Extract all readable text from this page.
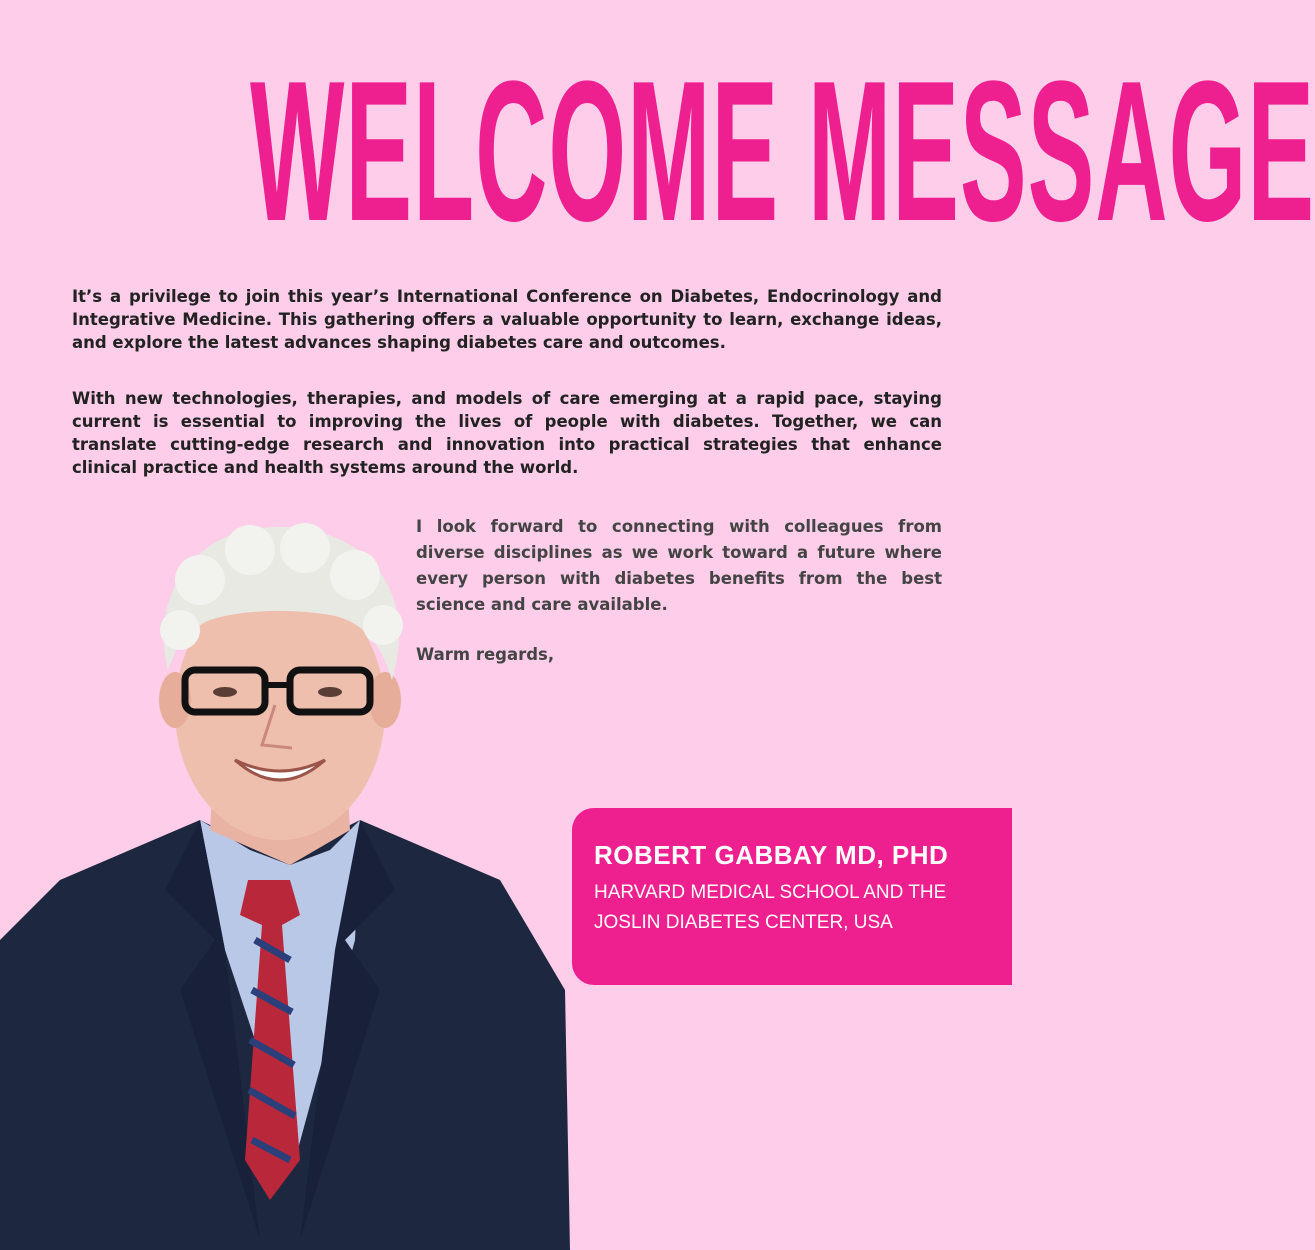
WELCOME MESSAGE

It’s a privilege to join this year’s International Conference on Diabetes, Endocrinology and Integrative Medicine. This gathering offers a valuable opportunity to learn, exchange ideas, and explore the latest advances shaping diabetes care and outcomes.

With new technologies, therapies, and models of care emerging at a rapid pace, staying current is essential to improving the lives of people with diabetes. Together, we can translate cutting-edge research and innovation into practical strategies that enhance clinical practice and health systems around the world.

I look forward to connecting with colleagues from diverse disciplines as we work toward a future where every person with diabetes benefits from the best science and care available.

Warm regards,

ROBERT GABBAY MD, PHD
HARVARD MEDICAL SCHOOL AND THE
JOSLIN DIABETES CENTER, USA
